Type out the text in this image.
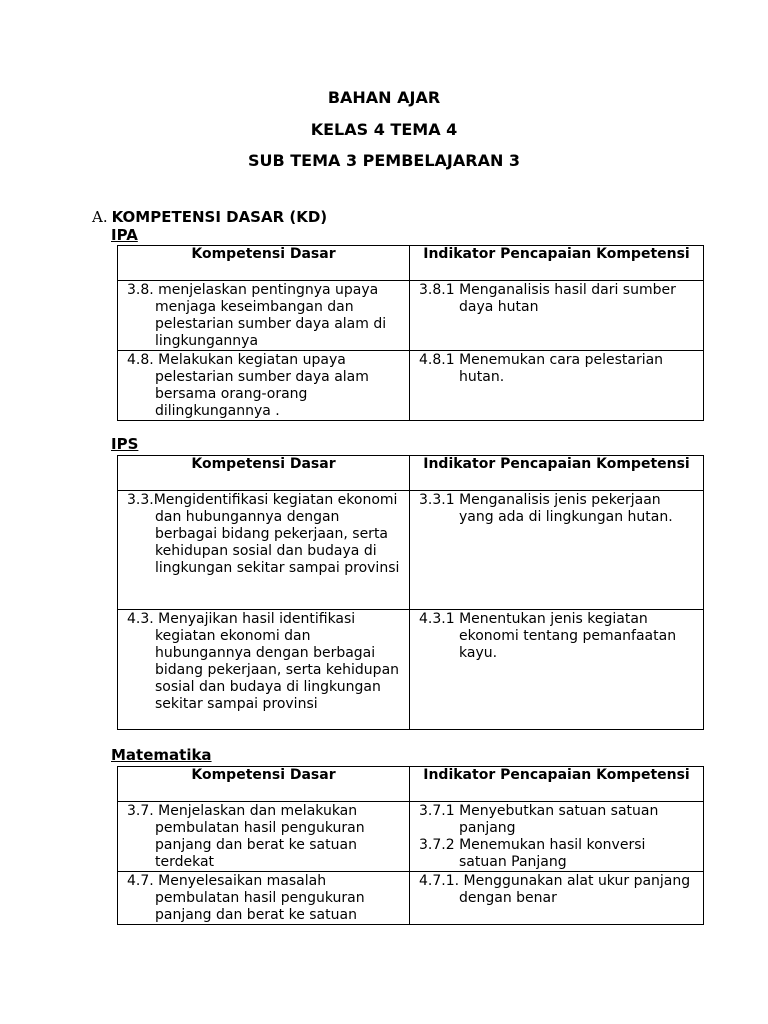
BAHAN AJAR
KELAS 4 TEMA 4
SUB TEMA 3 PEMBELAJARAN 3
A. KOMPETENSI DASAR (KD)
IPA
Kompetensi Dasar	Indikator Pencapaian Kompetensi

3.8. menjelaskan pentingnya upaya menjaga keseimbangan dan pelestarian sumber daya alam di lingkungannya	3.8.1 Menganalisis hasil dari sumber daya hutan

4.8. Melakukan kegiatan upaya pelestarian sumber daya alam bersama orang-orang dilingkungannya .	4.8.1 Menemukan cara pelestarian hutan.
IPS
Kompetensi Dasar	Indikator Pencapaian Kompetensi

3.3.Mengidentifikasi kegiatan ekonomi dan hubungannya dengan berbagai bidang pekerjaan, serta kehidupan sosial dan budaya di lingkungan sekitar sampai provinsi	3.3.1 Menganalisis jenis pekerjaan yang ada di lingkungan hutan.

4.3. Menyajikan hasil identifikasi kegiatan ekonomi dan hubungannya dengan berbagai bidang pekerjaan, serta kehidupan sosial dan budaya di lingkungan sekitar sampai provinsi	4.3.1 Menentukan jenis kegiatan ekonomi tentang pemanfaatan kayu.
Matematika
Kompetensi Dasar	Indikator Pencapaian Kompetensi

3.7. Menjelaskan dan melakukan pembulatan hasil pengukuran panjang dan berat ke satuan terdekat	3.7.1 Menyebutkan satuan satuan panjang
3.7.2 Menemukan hasil konversi satuan Panjang

4.7. Menyelesaikan masalah pembulatan hasil pengukuran panjang dan berat ke satuan	4.7.1. Menggunakan alat ukur panjang dengan benar
